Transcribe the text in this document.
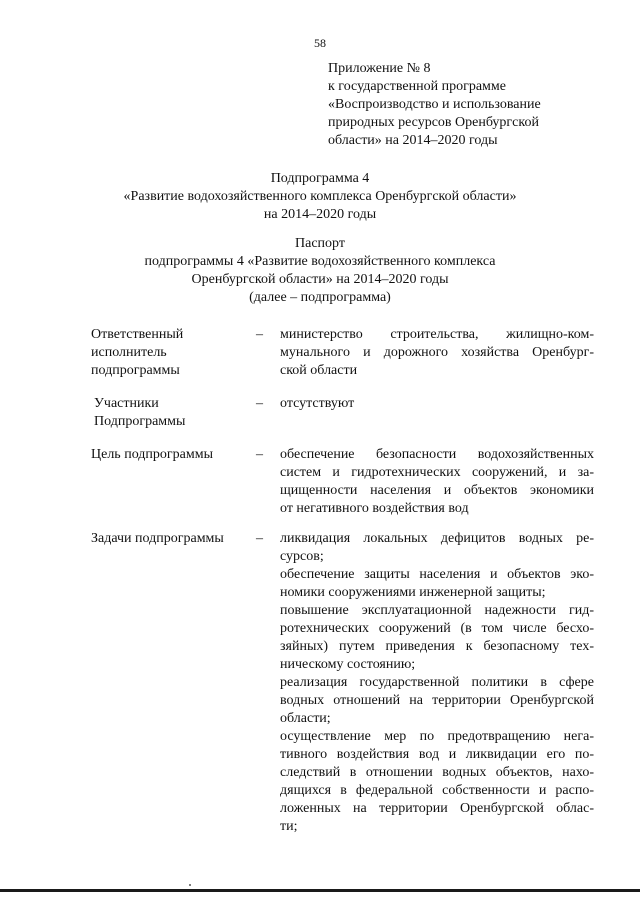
58
Приложение № 8
к государственной программе
«Воспроизводство и использование
природных ресурсов Оренбургской
области» на 2014–2020 годы
Подпрограмма 4
«Развитие водохозяйственного комплекса Оренбургской области»
на 2014–2020 годы
Паспорт
подпрограммы 4 «Развитие водохозяйственного комплекса
Оренбургской области» на 2014–2020 годы
(далее – подпрограмма)
Ответственный
исполнитель
подпрограммы
– министерство строительства, жилищно-ком-
мунального и дорожного хозяйства Оренбург-
ской области
Участники
Подпрограммы
– отсутствуют
Цель подпрограммы	– обеспечение безопасности водохозяйственных
систем и гидротехнических сооружений, и за-
щищенности населения и объектов экономики
от негативного воздействия вод
Задачи подпрограммы	– ликвидация локальных дефицитов водных ре-
сурсов;
обеспечение защиты населения и объектов эко-
номики сооружениями инженерной защиты;
повышение эксплуатационной надежности гид-
ротехнических сооружений (в том числе бесхо-
зяйных) путем приведения к безопасному тех-
ническому состоянию;
реализация государственной политики в сфере
водных отношений на территории Оренбургской
области;
осуществление мер по предотвращению нега-
тивного воздействия вод и ликвидации его по-
следствий в отношении водных объектов, нахо-
дящихся в федеральной собственности и распо-
ложенных на территории Оренбургской облас-
ти;
